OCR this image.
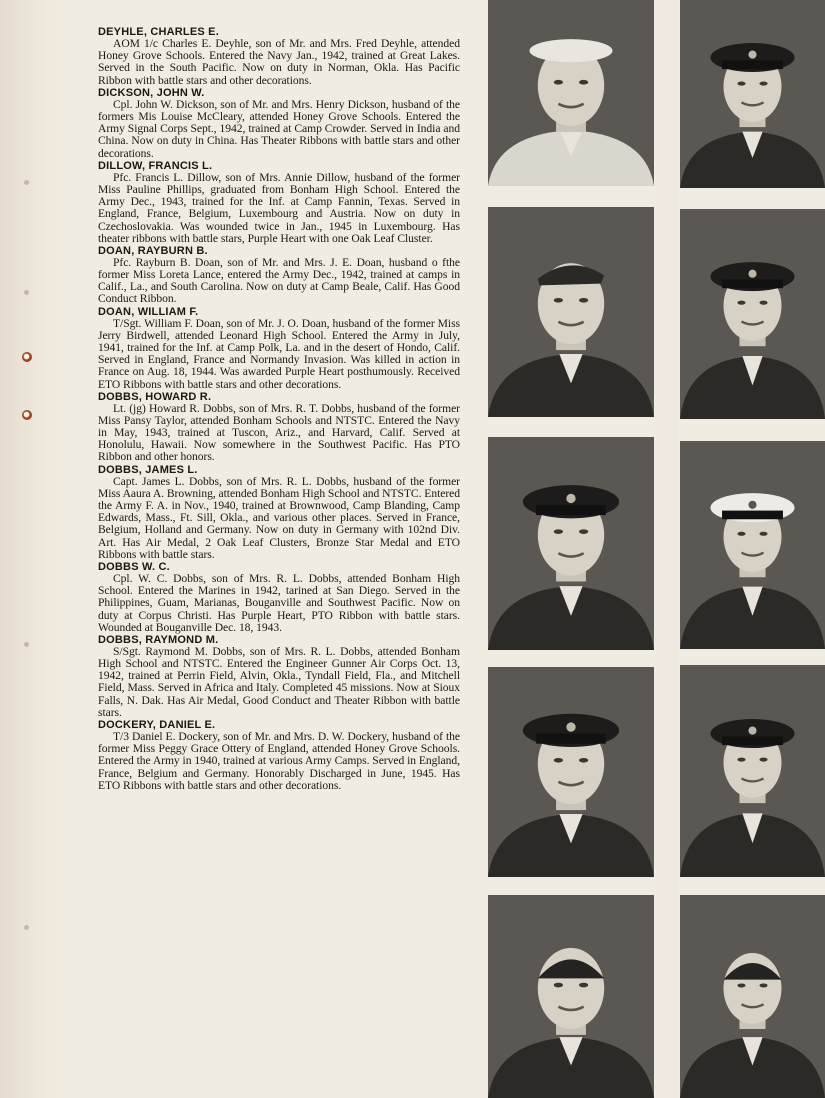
DEYHLE, CHARLES E.
AOM 1/c Charles E. Deyhle, son of Mr. and Mrs. Fred Deyhle, attended Honey Grove Schools. Entered the Navy Jan., 1942, trained at Great Lakes. Served in the South Pacific. Now on duty in Norman, Okla. Has Pacific Ribbon with battle stars and other decorations.
DICKSON, JOHN W.
Cpl. John W. Dickson, son of Mr. and Mrs. Henry Dickson, husband of the formers Mis Louise McCleary, attended Honey Grove Schools. Entered the Army Signal Corps Sept., 1942, trained at Camp Crowder. Served in India and China. Now on duty in China. Has Theater Ribbons with battle stars and other decorations.
DILLOW, FRANCIS L.
Pfc. Francis L. Dillow, son of Mrs. Annie Dillow, husband of the former Miss Pauline Phillips, graduated from Bonham High School. Entered the Army Dec., 1943, trained for the Inf. at Camp Fannin, Texas. Served in England, France, Belgium, Luxembourg and Austria. Now on duty in Czechoslovakia. Was wounded twice in Jan., 1945 in Luxembourg. Has theater ribbons with battle stars, Purple Heart with one Oak Leaf Cluster.
DOAN, RAYBURN B.
Pfc. Rayburn B. Doan, son of Mr. and Mrs. J. E. Doan, husband o fthe former Miss Loreta Lance, entered the Army Dec., 1942, trained at camps in Calif., La., and South Carolina. Now on duty at Camp Beale, Calif. Has Good Conduct Ribbon.
DOAN, WILLIAM F.
T/Sgt. William F. Doan, son of Mr. J. O. Doan, husband of the former Miss Jerry Birdwell, attended Leonard High School. Entered the Army in July, 1941, trained for the Inf. at Camp Polk, La. and in the desert of Hondo, Calif. Served in England, France and Normandy Invasion. Was killed in action in France on Aug. 18, 1944. Was awarded Purple Heart posthumously. Received ETO Ribbons with battle stars and other decorations.
DOBBS, HOWARD R.
Lt. (jg) Howard R. Dobbs, son of Mrs. R. T. Dobbs, husband of the former Miss Pansy Taylor, attended Bonham Schools and NTSTC. Entered the Navy in May, 1943, trained at Tuscon, Ariz., and Harvard, Calif. Served at Honolulu, Hawaii. Now somewhere in the Southwest Pacific. Has PTO Ribbon and other honors.
DOBBS, JAMES L.
Capt. James L. Dobbs, son of Mrs. R. L. Dobbs, husband of the former Miss Aaura A. Browning, attended Bonham High School and NTSTC. Entered the Army F. A. in Nov., 1940, trained at Brownwood, Camp Blanding, Camp Edwards, Mass., Ft. Sill, Okla., and various other places. Served in France, Belgium, Holland and Germany. Now on duty in Germany with 102nd Div. Art. Has Air Medal, 2 Oak Leaf Clusters, Bronze Star Medal and ETO Ribbons with battle stars.
DOBBS W. C.
Cpl. W. C. Dobbs, son of Mrs. R. L. Dobbs, attended Bonham High School. Entered the Marines in 1942, tarined at San Diego. Served in the Philippines, Guam, Marianas, Bouganville and Southwest Pacific. Now on duty at Corpus Christi. Has Purple Heart, PTO Ribbon with battle stars. Wounded at Bouganville Dec. 18, 1943.
DOBBS, RAYMOND M.
S/Sgt. Raymond M. Dobbs, son of Mrs. R. L. Dobbs, attended Bonham High School and NTSTC. Entered the Engineer Gunner Air Corps Oct. 13, 1942, trained at Perrin Field, Alvin, Okla., Tyndall Field, Fla., and Mitchell Field, Mass. Served in Africa and Italy. Completed 45 missions. Now at Sioux Falls, N. Dak. Has Air Medal, Good Conduct and Theater Ribbon with battle stars.
DOCKERY, DANIEL E.
T/3 Daniel E. Dockery, son of Mr. and Mrs. D. W. Dockery, husband of the former Miss Peggy Grace Ottery of England, attended Honey Grove Schools. Entered the Army in 1940, trained at various Army Camps. Served in England, France, Belgium and Germany. Honorably Discharged in June, 1945. Has ETO Ribbons with battle stars and other decorations.
